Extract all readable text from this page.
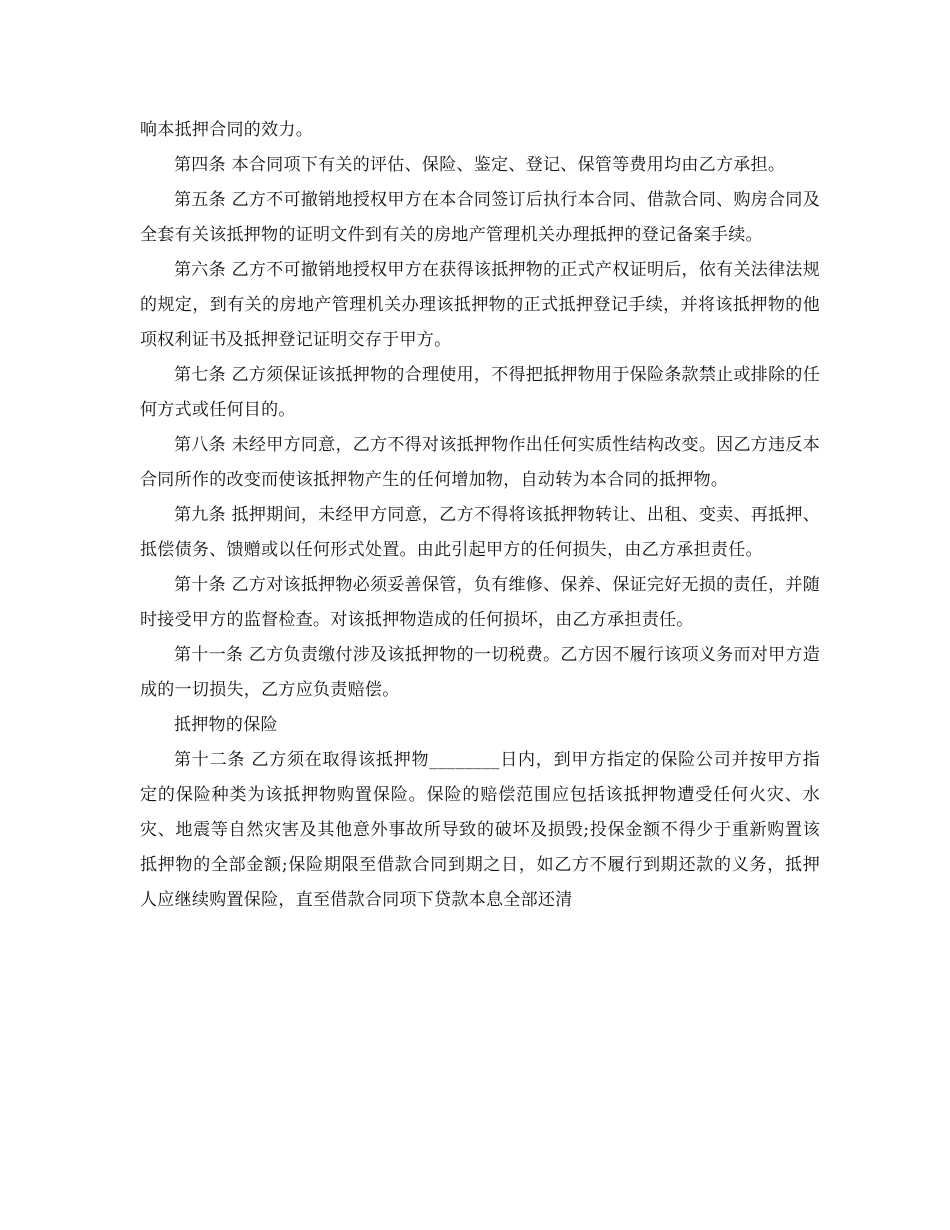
响本抵押合同的效力。

第四条 本合同项下有关的评估、保险、鉴定、登记、保管等费用均由乙方承担。

第五条 乙方不可撤销地授权甲方在本合同签订后执行本合同、借款合同、购房合同及全套有关该抵押物的证明文件到有关的房地产管理机关办理抵押的登记备案手续。

第六条 乙方不可撤销地授权甲方在获得该抵押物的正式产权证明后，依有关法律法规的规定，到有关的房地产管理机关办理该抵押物的正式抵押登记手续，并将该抵押物的他项权利证书及抵押登记证明交存于甲方。

第七条 乙方须保证该抵押物的合理使用，不得把抵押物用于保险条款禁止或排除的任何方式或任何目的。

第八条 未经甲方同意，乙方不得对该抵押物作出任何实质性结构改变。因乙方违反本合同所作的改变而使该抵押物产生的任何增加物，自动转为本合同的抵押物。

第九条 抵押期间，未经甲方同意，乙方不得将该抵押物转让、出租、变卖、再抵押、抵偿债务、馈赠或以任何形式处置。由此引起甲方的任何损失，由乙方承担责任。

第十条 乙方对该抵押物必须妥善保管，负有维修、保养、保证完好无损的责任，并随时接受甲方的监督检查。对该抵押物造成的任何损坏，由乙方承担责任。

第十一条 乙方负责缴付涉及该抵押物的一切税费。乙方因不履行该项义务而对甲方造成的一切损失，乙方应负责赔偿。

抵押物的保险

第十二条 乙方须在取得该抵押物________日内，到甲方指定的保险公司并按甲方指定的保险种类为该抵押物购置保险。保险的赔偿范围应包括该抵押物遭受任何火灾、水灾、地震等自然灾害及其他意外事故所导致的破坏及损毁;投保金额不得少于重新购置该抵押物的全部金额;保险期限至借款合同到期之日，如乙方不履行到期还款的义务，抵押人应继续购置保险，直至借款合同项下贷款本息全部还清
